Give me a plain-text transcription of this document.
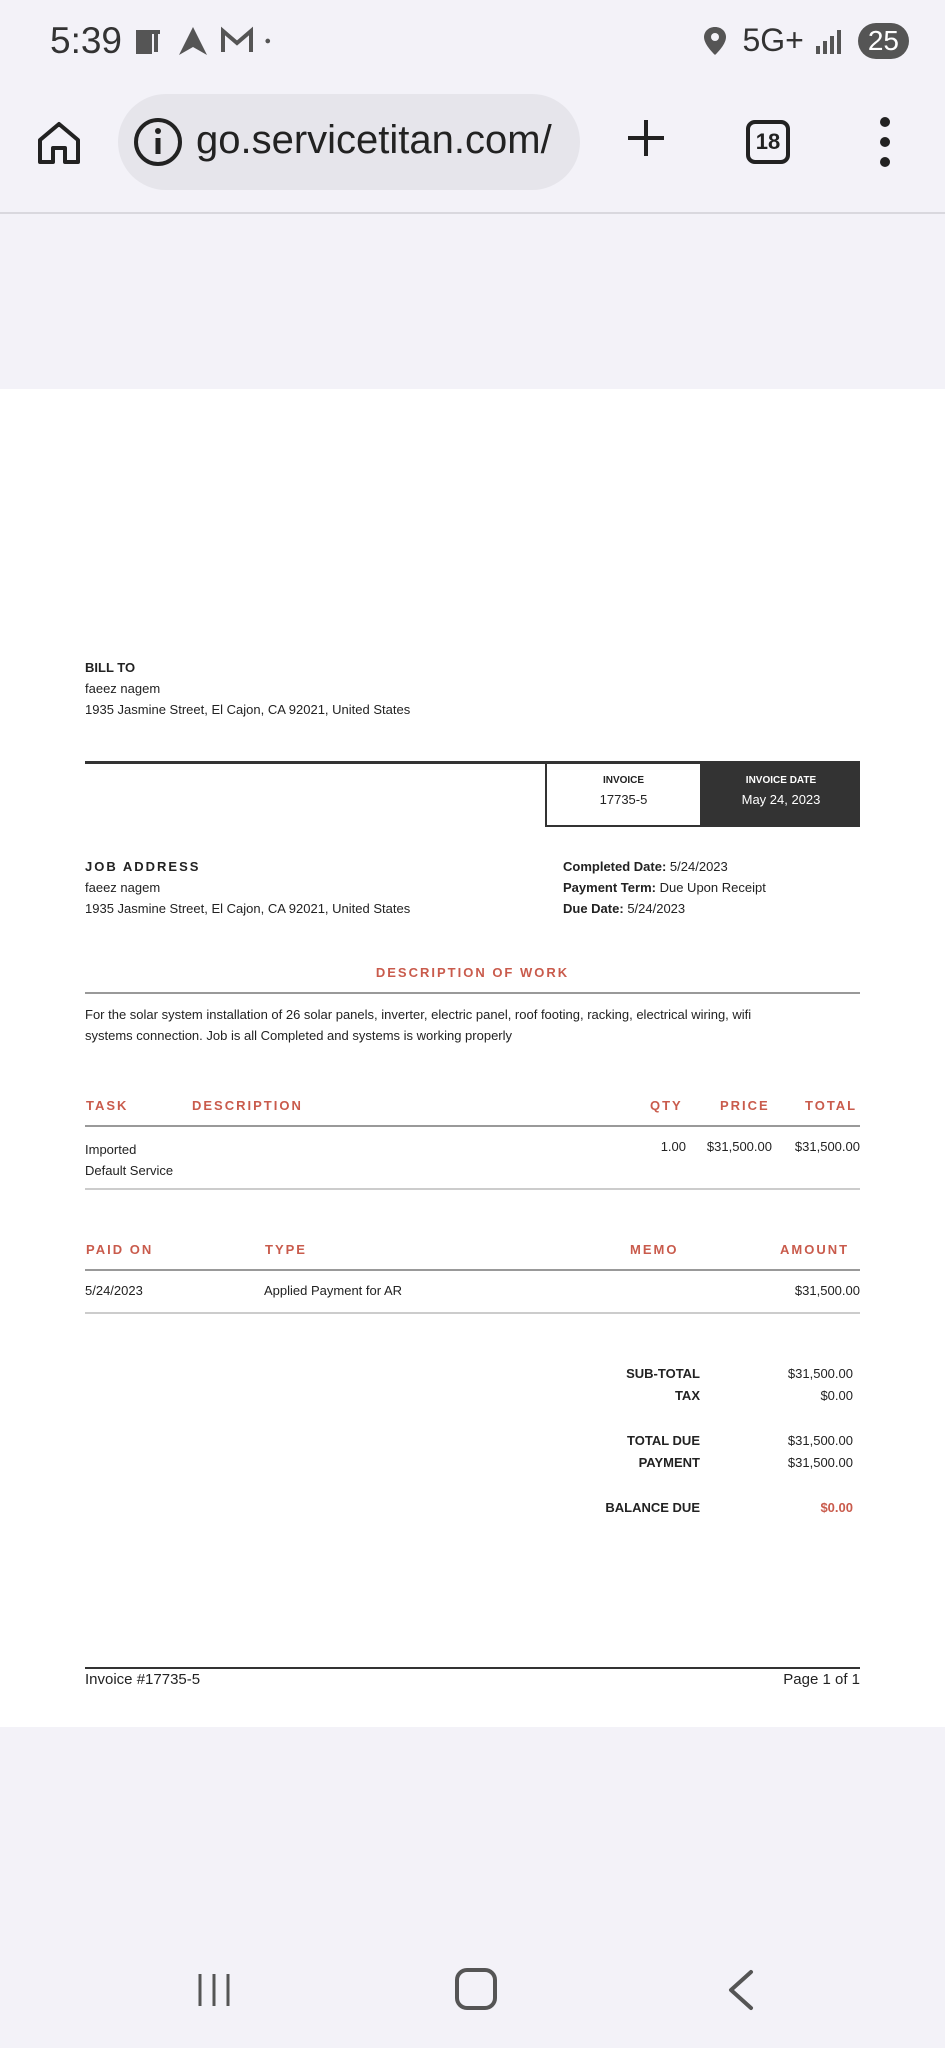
5:39	5G+	25
go.servicetitan.com/	18
BILL TO
faeez nagem
1935 Jasmine Street, El Cajon, CA 92021, United States
INVOICE
17735-5
INVOICE DATE
May 24, 2023
JOB ADDRESS
faeez nagem
1935 Jasmine Street, El Cajon, CA 92021, United States
Completed Date: 5/24/2023
Payment Term: Due Upon Receipt
Due Date: 5/24/2023
DESCRIPTION OF WORK
For the solar system installation of 26 solar panels, inverter, electric panel, roof footing, racking, electrical wiring, wifi
systems connection. Job is all Completed and systems is working properly
TASK	DESCRIPTION	QTY	PRICE	TOTAL
Imported
Default Service
1.00	$31,500.00	$31,500.00
PAID ON	TYPE	MEMO	AMOUNT
5/24/2023	Applied Payment for AR	$31,500.00
SUB-TOTAL	$31,500.00
TAX	$0.00
TOTAL DUE	$31,500.00
PAYMENT	$31,500.00
BALANCE DUE	$0.00
Invoice #17735-5	Page 1 of 1
